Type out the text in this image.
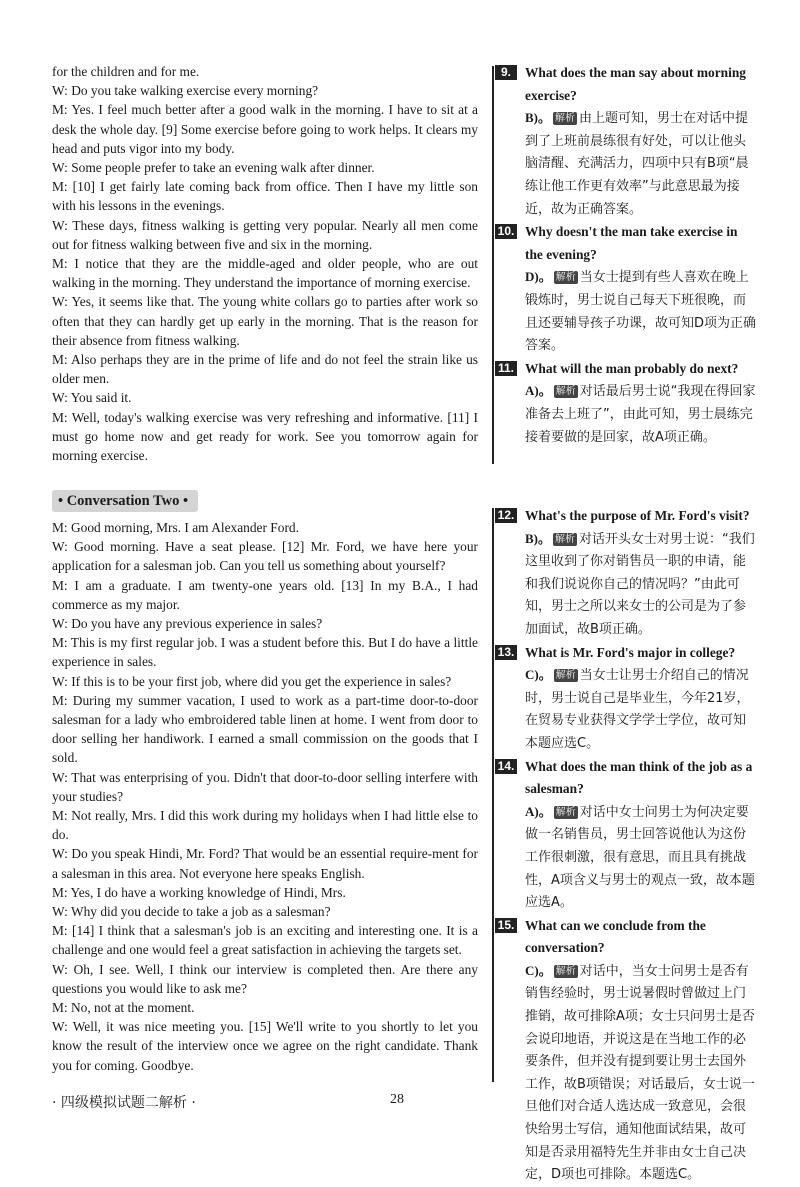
for the children and for me.

W: Do you take walking exercise every morning?

M: Yes. I feel much better after a good walk in the morning. I have to sit at a desk the whole day. [9] Some exercise before going to work helps. It clears my head and puts vigor into my body.

W: Some people prefer to take an evening walk after dinner.

M: [10] I get fairly late coming back from office. Then I have my little son with his lessons in the evenings.

W: These days, fitness walking is getting very popular. Nearly all men come out for fitness walking between five and six in the morning.

M: I notice that they are the middle-aged and older people, who are out walking in the morning. They understand the importance of morning exercise.

W: Yes, it seems like that. The young white collars go to parties after work so often that they can hardly get up early in the morning. That is the reason for their absence from fitness walking.

M: Also perhaps they are in the prime of life and do not feel the strain like us older men.

W: You said it.

M: Well, today's walking exercise was very refreshing and informative. [11] I must go home now and get ready for work. See you tomorrow again for morning exercise.

9.	What does the man say about morning exercise?

B)。 解析 由上题可知，男士在对话中提到了上班前晨练很有好处，可以让他头脑清醒、充满活力，四项中只有B项“晨练让他工作更有效率”与此意思最为接近，故为正确答案。

10. Why doesn't the man take exercise in the evening?

D)。 解析 当女士提到有些人喜欢在晚上锻炼时，男士说自己每天下班很晚，而且还要辅导孩子功课，故可知D项为正确答案。

11. What will the man probably do next?

A)。 解析 对话最后男士说“我现在得回家准备去上班了”，由此可知，男士晨练完接着要做的是回家，故A项正确。

• Conversation Two •

M: Good morning, Mrs. I am Alexander Ford.

W: Good morning. Have a seat please. [12] Mr. Ford, we have here your application for a salesman job. Can you tell us something about yourself?

M: I am a graduate. I am twenty-one years old. [13] In my B.A., I had commerce as my major.

W: Do you have any previous experience in sales?

M: This is my first regular job. I was a student before this. But I do have a little experience in sales.

W: If this is to be your first job, where did you get the experience in sales?

M: During my summer vacation, I used to work as a part-time door-to-door salesman for a lady who embroidered table linen at home. I went from door to door selling her handiwork. I earned a small commission on the goods that I sold.

W: That was enterprising of you. Didn't that door-to-door selling interfere with your studies?

M: Not really, Mrs. I did this work during my holidays when I had little else to do.

W: Do you speak Hindi, Mr. Ford? That would be an essential require-ment for a salesman in this area. Not everyone here speaks English.

M: Yes, I do have a working knowledge of Hindi, Mrs.

W: Why did you decide to take a job as a salesman?

M: [14] I think that a salesman's job is an exciting and interesting one. It is a challenge and one would feel a great satisfaction in achieving the targets set.

W: Oh, I see. Well, I think our interview is completed then. Are there any questions you would like to ask me?

M: No, not at the moment.

W: Well, it was nice meeting you. [15] We'll write to you shortly to let you know the result of the interview once we agree on the right candidate. Thank you for coming. Goodbye.

12. What's the purpose of Mr. Ford's visit?

B)。 解析 对话开头女士对男士说：“我们这里收到了你对销售员一职的申请，能和我们说说你自己的情况吗？”由此可知，男士之所以来女士的公司是为了参加面试，故B项正确。

13. What is Mr. Ford's major in college?

C)。 解析 当女士让男士介绍自己的情况时，男士说自己是毕业生，今年21岁，在贸易专业获得文学学士学位，故可知本题应选C。

14. What does the man think of the job as a salesman?

A)。 解析 对话中女士问男士为何决定要做一名销售员，男士回答说他认为这份工作很刺激，很有意思，而且具有挑战性，A项含义与男士的观点一致，故本题应选A。

15. What can we conclude from the conversation?

C)。 解析 对话中，当女士问男士是否有销售经验时，男士说暑假时曾做过上门推销，故可排除A项；女士只问男士是否会说印地语，并说这是在当地工作的必要条件，但并没有提到要让男士去国外工作，故B项错误；对话最后，女士说一旦他们对合适人选达成一致意见，会很快给男士写信，通知他面试结果，故可知是否录用福特先生并非由女士自己决定，D项也可排除。本题选C。

· 四级模拟试题二解析 ·	28
